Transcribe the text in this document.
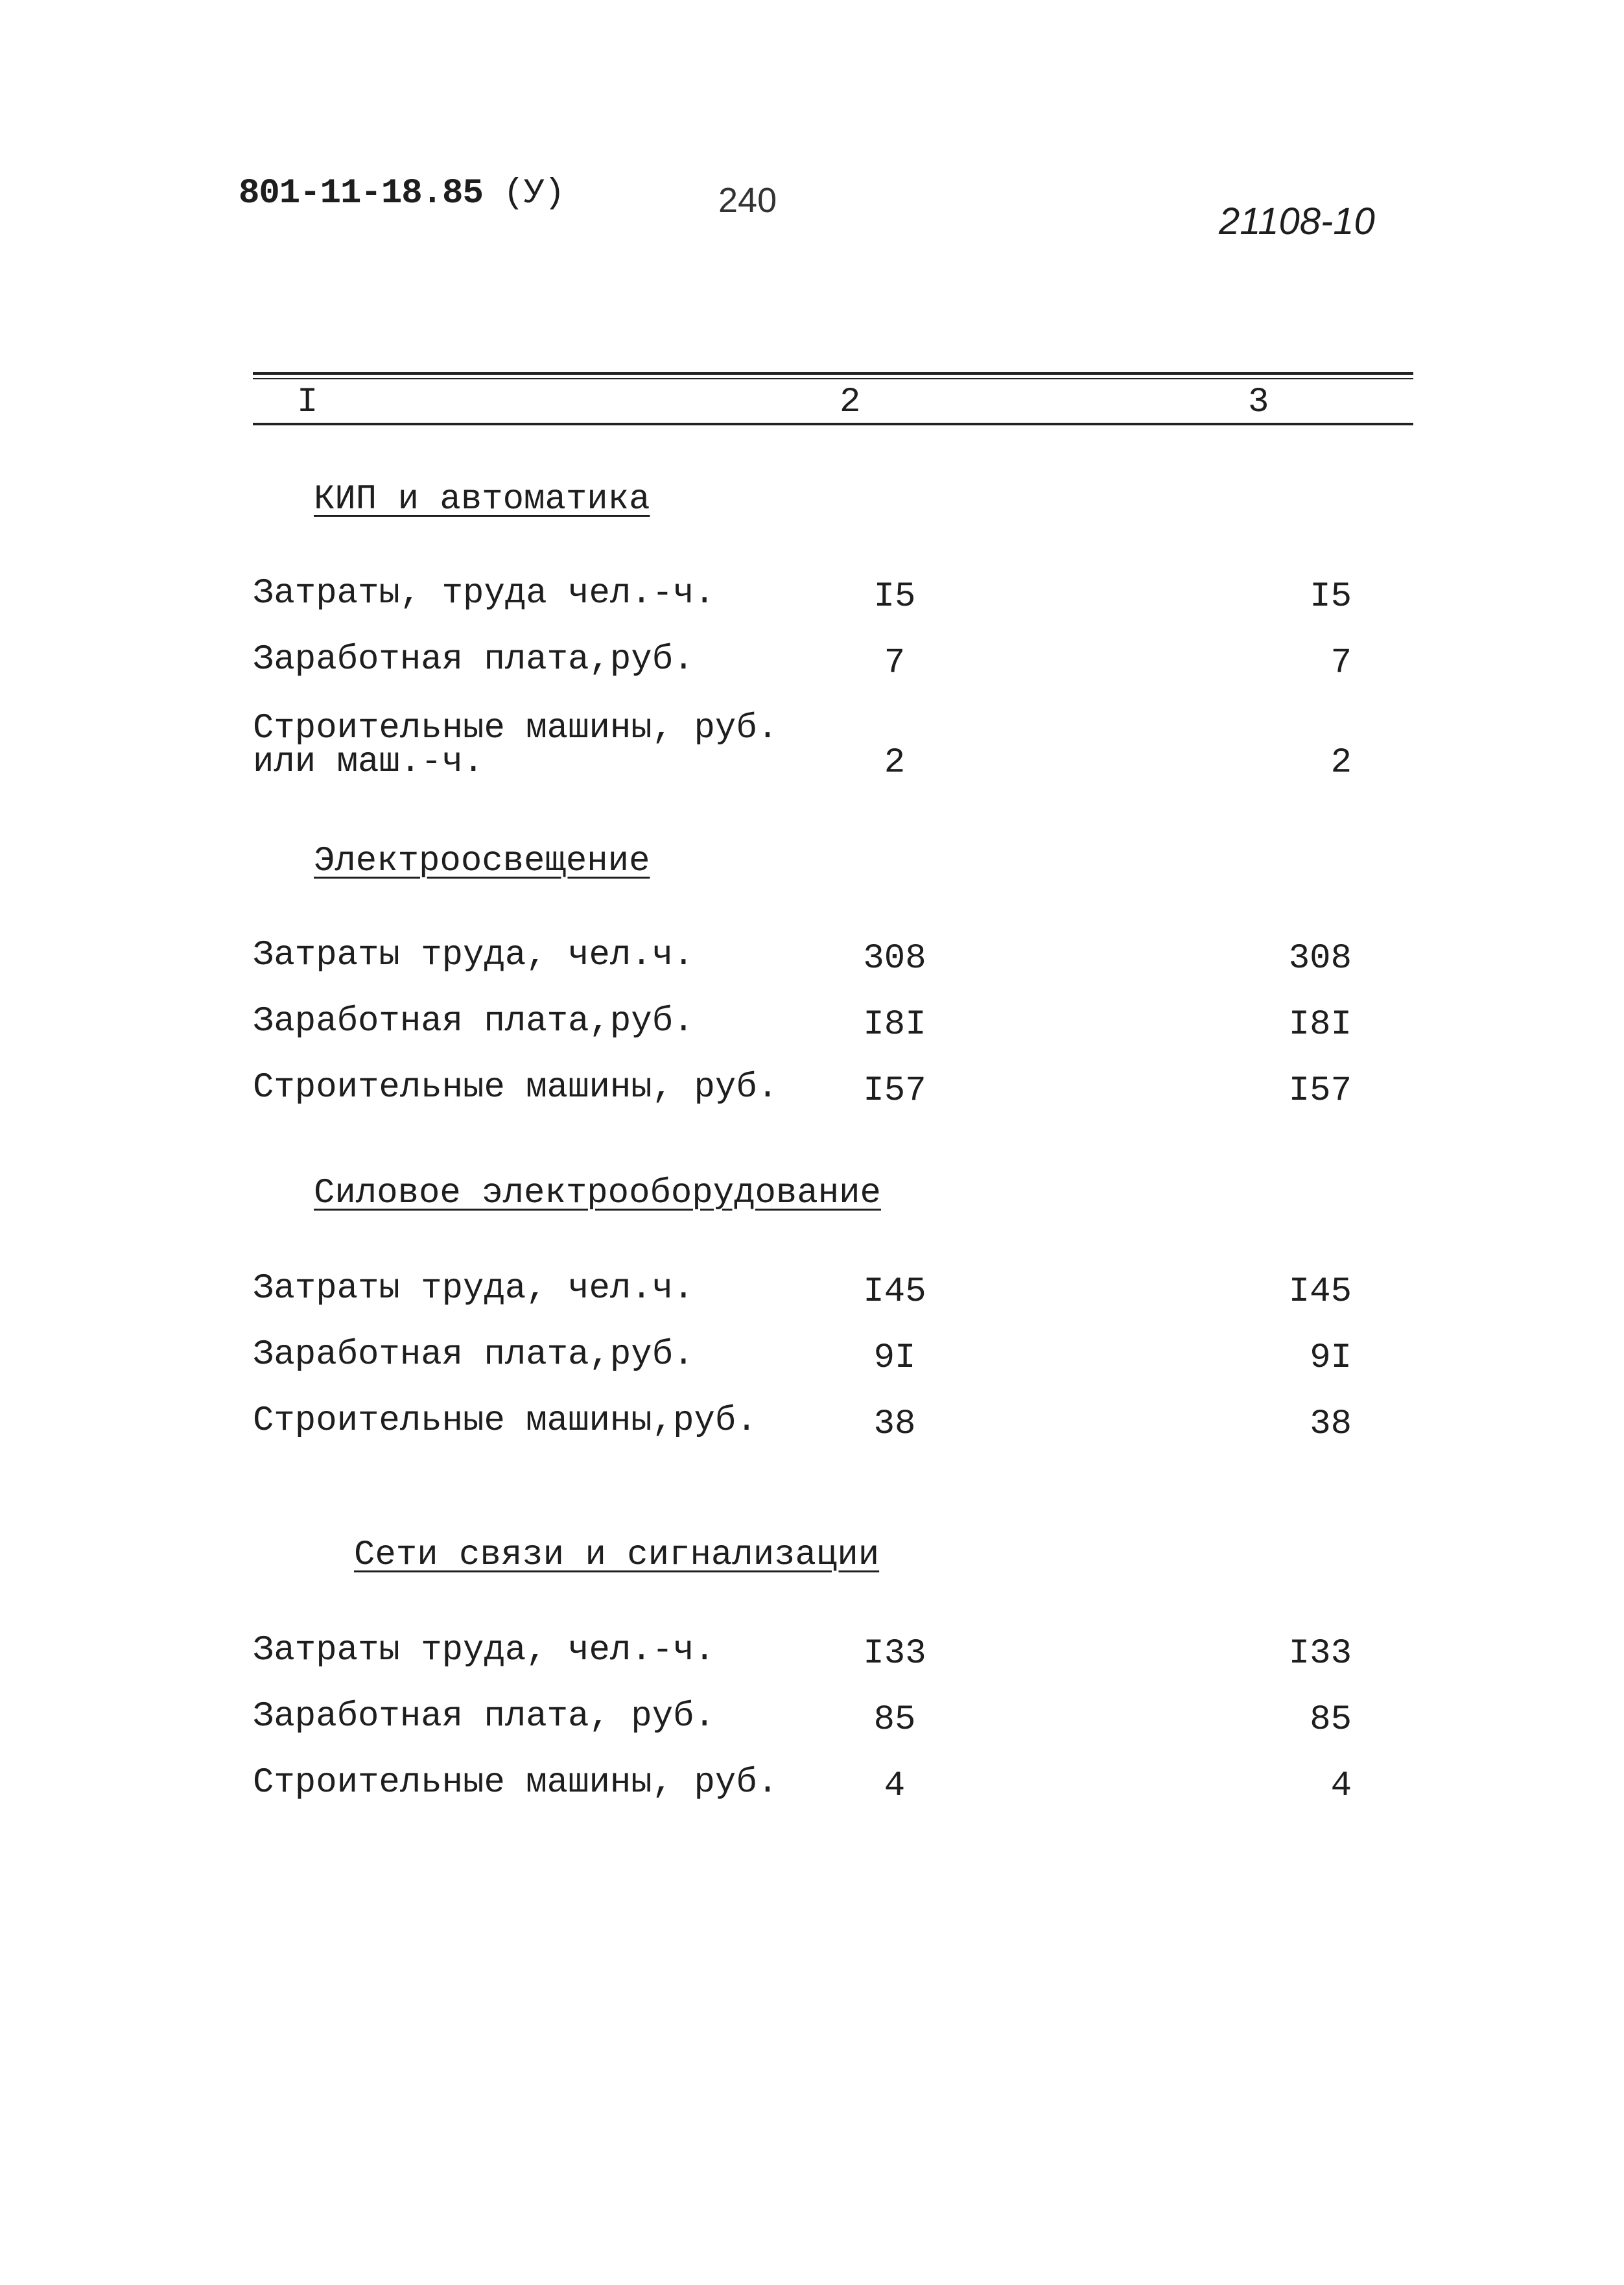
801-11-18.85 (У)	240	21108-10
I	2	3
КИП и автоматика
Затраты, труда чел.-ч.	I5	I5
Заработная плата,руб.	7	7
Строительные машины, руб.
или маш.-ч.	2	2
Электроосвещение
Затраты труда, чел.ч.	308	308
Заработная плата,руб.	I8I	I8I
Строительные машины, руб.	I57	I57
Силовое электрооборудование
Затраты труда, чел.ч.	I45	I45
Заработная плата,руб.	9I	9I
Строительные машины,руб.	38	38
Сети связи и сигнализации
Затраты труда, чел.-ч.	I33	I33
Заработная плата, руб.	85	85
Строительные машины, руб.	4	4
